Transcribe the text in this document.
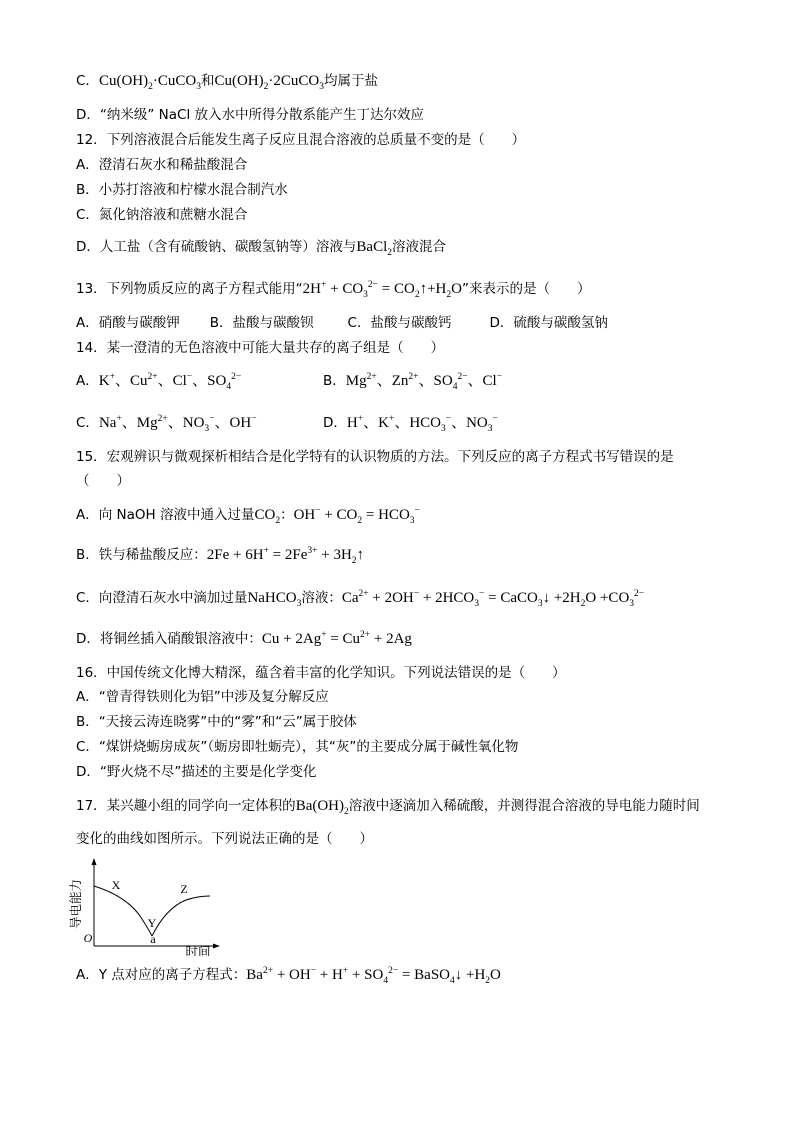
C．$Cu(OH)_2\cdot CuCO_3$和$Cu(OH)_2\cdot 2CuCO_3$均属于盐
D．“纳米级” NaCl 放入水中所得分散系能产生丁达尔效应
12．下列溶液混合后能发生离子反应且混合溶液的总质量不变的是（　　）
A．澄清石灰水和稀盐酸混合
B．小苏打溶液和柠檬水混合制汽水
C．氮化钠溶液和蔗糖水混合
D．人工盐（含有硫酸钠、碳酸氢钠等）溶液与BaCl$_2$溶液混合
13．下列物质反应的离子方程式能用“$2H^+ + CO_3^{2-}$ = $CO_2↑+H_2O$”来表示的是（　　）
A．硝酸与碳酸钾 B．盐酸与碳酸钡	C．盐酸与碳酸钙	D．硫酸与碳酸氢钠
14．某一澄清的无色溶液中可能大量共存的离子组是（　　）
A．K+、$Cu^{2+}$、Cl−、$SO_4^{2-}$	B．$Mg^{2+}$、$Zn^{2+}$、$SO_4^{2-}$、Cl−
C．Na+、$Mg^{2+}$、$NO_3^-$、OH−	D．H+、K+、$HCO_3^-$、$NO_3^-$
15．宏观辨识与微观探析相结合是化学特有的认识物质的方法。下列反应的离子方程式书写错误的是
（　　）
A．向 NaOH 溶液中通入过量$CO_2$：$OH^- + CO_2 = HCO_3^-$
B．铁与稀盐酸反应：$2Fe + 6H^+ = 2Fe^{3+}$ + $3H_2↑$
C．向澄清石灰水中滴加过量NaHCO$_3$溶液：$Ca^{2+} + 2OH^- + 2HCO_3^-$ = CaCO$_3$↓ $+2H_2O +CO_3^{2-}$
D．将铜丝插入硝酸银溶液中：$Cu + 2Ag^+ = Cu^{2+} + 2Ag$
16．中国传统文化博大精深，蕴含着丰富的化学知识。下列说法错误的是（　　）
A．“曾青得铁则化为铝”中涉及复分解反应
B．“天接云涛连晓雾”中的“雾”和“云”属于胶体
C．“煤饼烧蛎房成灰”（蛎房即牡蛎壳），其“灰”的主要成分属于碱性氧化物
D．“野火烧不尽”描述的主要是化学变化
17．某兴趣小组的同学向一定体积的$Ba(OH)_2$溶液中逐滴加入稀硫酸，并测得混合溶液的导电能力随时间
变化的曲线如图所示。下列说法正确的是（　　）
导电能力
时间
O
X
Y
Z
a
A．Y 点对应的离子方程式：$Ba^{2+} + OH^- + H^+ + SO_4^{2-}$ = BaSO$_4$↓ $+H_2O$
